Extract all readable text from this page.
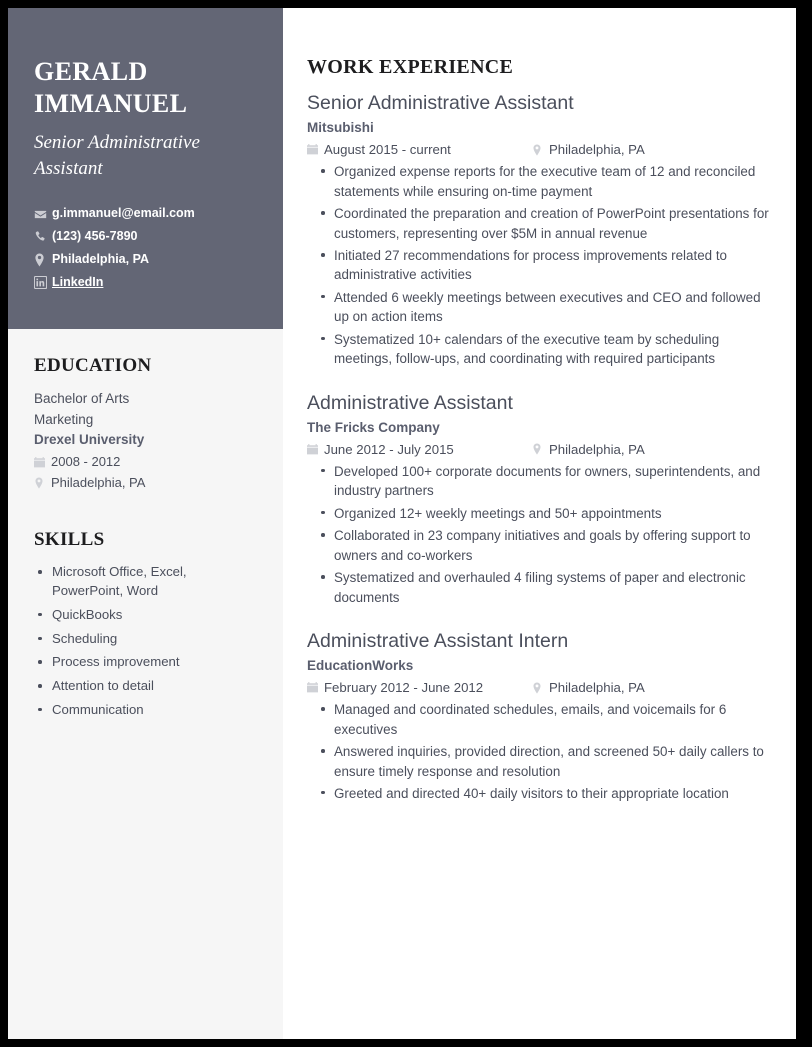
GERALD IMMANUEL
Senior Administrative Assistant
g.immanuel@email.com
(123) 456-7890
Philadelphia, PA
LinkedIn
EDUCATION
Bachelor of Arts
Marketing
Drexel University
2008 - 2012
Philadelphia, PA
SKILLS
Microsoft Office, Excel, PowerPoint, Word
QuickBooks
Scheduling
Process improvement
Attention to detail
Communication
WORK EXPERIENCE
Senior Administrative Assistant
Mitsubishi
August 2015 - current	Philadelphia, PA
Organized expense reports for the executive team of 12 and reconciled statements while ensuring on-time payment
Coordinated the preparation and creation of PowerPoint presentations for customers, representing over $5M in annual revenue
Initiated 27 recommendations for process improvements related to administrative activities
Attended 6 weekly meetings between executives and CEO and followed up on action items
Systematized 10+ calendars of the executive team by scheduling meetings, follow-ups, and coordinating with required participants
Administrative Assistant
The Fricks Company
June 2012 - July 2015	Philadelphia, PA
Developed 100+ corporate documents for owners, superintendents, and industry partners
Organized 12+ weekly meetings and 50+ appointments
Collaborated in 23 company initiatives and goals by offering support to owners and co-workers
Systematized and overhauled 4 filing systems of paper and electronic documents
Administrative Assistant Intern
EducationWorks
February 2012 - June 2012	Philadelphia, PA
Managed and coordinated schedules, emails, and voicemails for 6 executives
Answered inquiries, provided direction, and screened 50+ daily callers to ensure timely response and resolution
Greeted and directed 40+ daily visitors to their appropriate location
